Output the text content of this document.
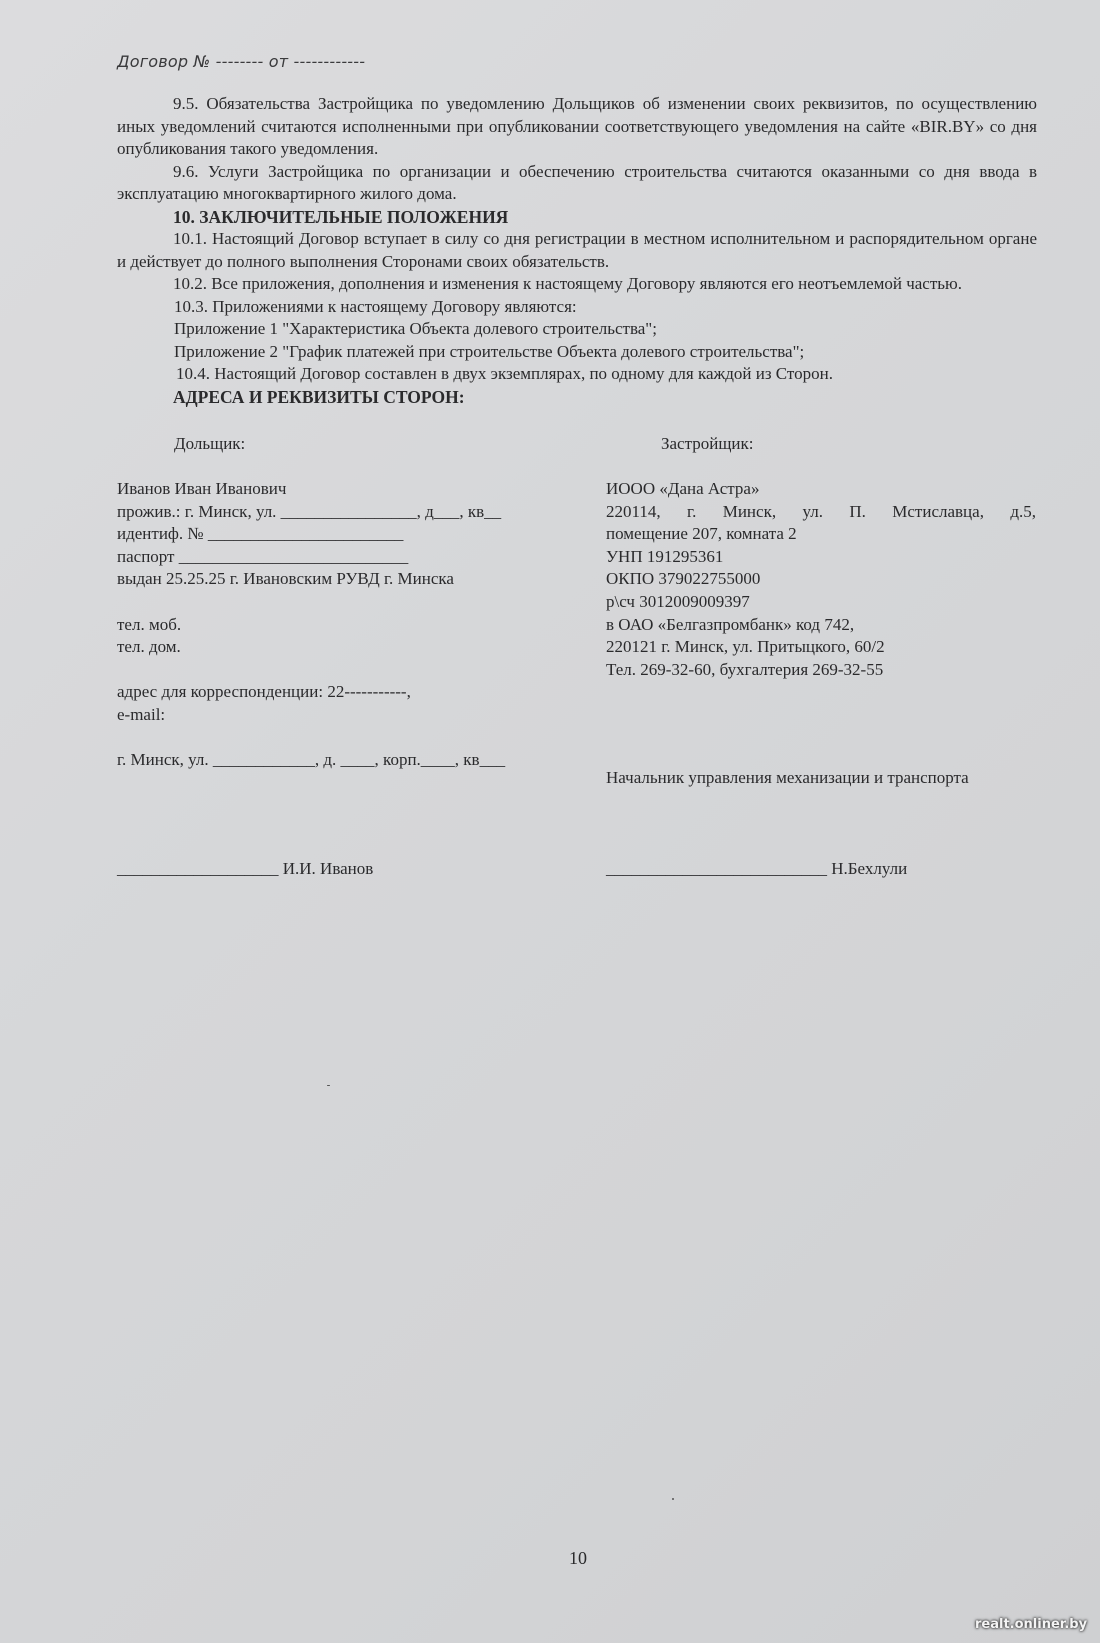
Договор № -------- от ------------

9.5. Обязательства Застройщика по уведомлению Дольщиков об изменении своих реквизитов, по осуществлению иных уведомлений считаются исполненными при опубликовании соответствующего уведомления на сайте «BIR.BY» со дня опубликования такого уведомления.

9.6. Услуги Застройщика по организации и обеспечению строительства считаются оказанными со дня ввода в эксплуатацию многоквартирного жилого дома.

10. ЗАКЛЮЧИТЕЛЬНЫЕ ПОЛОЖЕНИЯ

10.1. Настоящий Договор вступает в силу со дня регистрации в местном исполнительном и распорядительном органе и действует до полного выполнения Сторонами своих обязательств.

10.2. Все приложения, дополнения и изменения к настоящему Договору являются его неотъемлемой частью.

10.3. Приложениями к настоящему Договору являются:

Приложение 1 "Характеристика Объекта долевого строительства";

Приложение 2 "График платежей при строительстве Объекта долевого строительства";

10.4. Настоящий Договор составлен в двух экземплярах, по одному для каждой из Сторон.

АДРЕСА И РЕКВИЗИТЫ СТОРОН:

Дольщик:	Застройщик:
Иванов Иван Иванович
прожив.: г. Минск, ул. ________________, д___, кв__
идентиф. № _______________________
паспорт ___________________________
выдан 25.25.25 г. Ивановским РУВД г. Минска
тел. моб.
тел. дом.
адрес для корреспонденции: 22-----------,
e-mail:
г. Минск, ул. ____________, д. ____, корп.____, кв___
ИООО «Дана Астра»
220114, г. Минск, ул. П. Мстиславца, д.5,
помещение 207, комната 2
УНП 191295361
ОКПО 379022755000
р\сч 3012009009397
в ОАО «Белгазпромбанк» код 742,
220121 г. Минск, ул. Притыцкого, 60/2
Тел. 269-32-60, бухгалтерия 269-32-55
Начальник управления механизации и транспорта
___________________ И.И. Иванов	__________________________ Н.Бехлули
10
realt.onliner.by
